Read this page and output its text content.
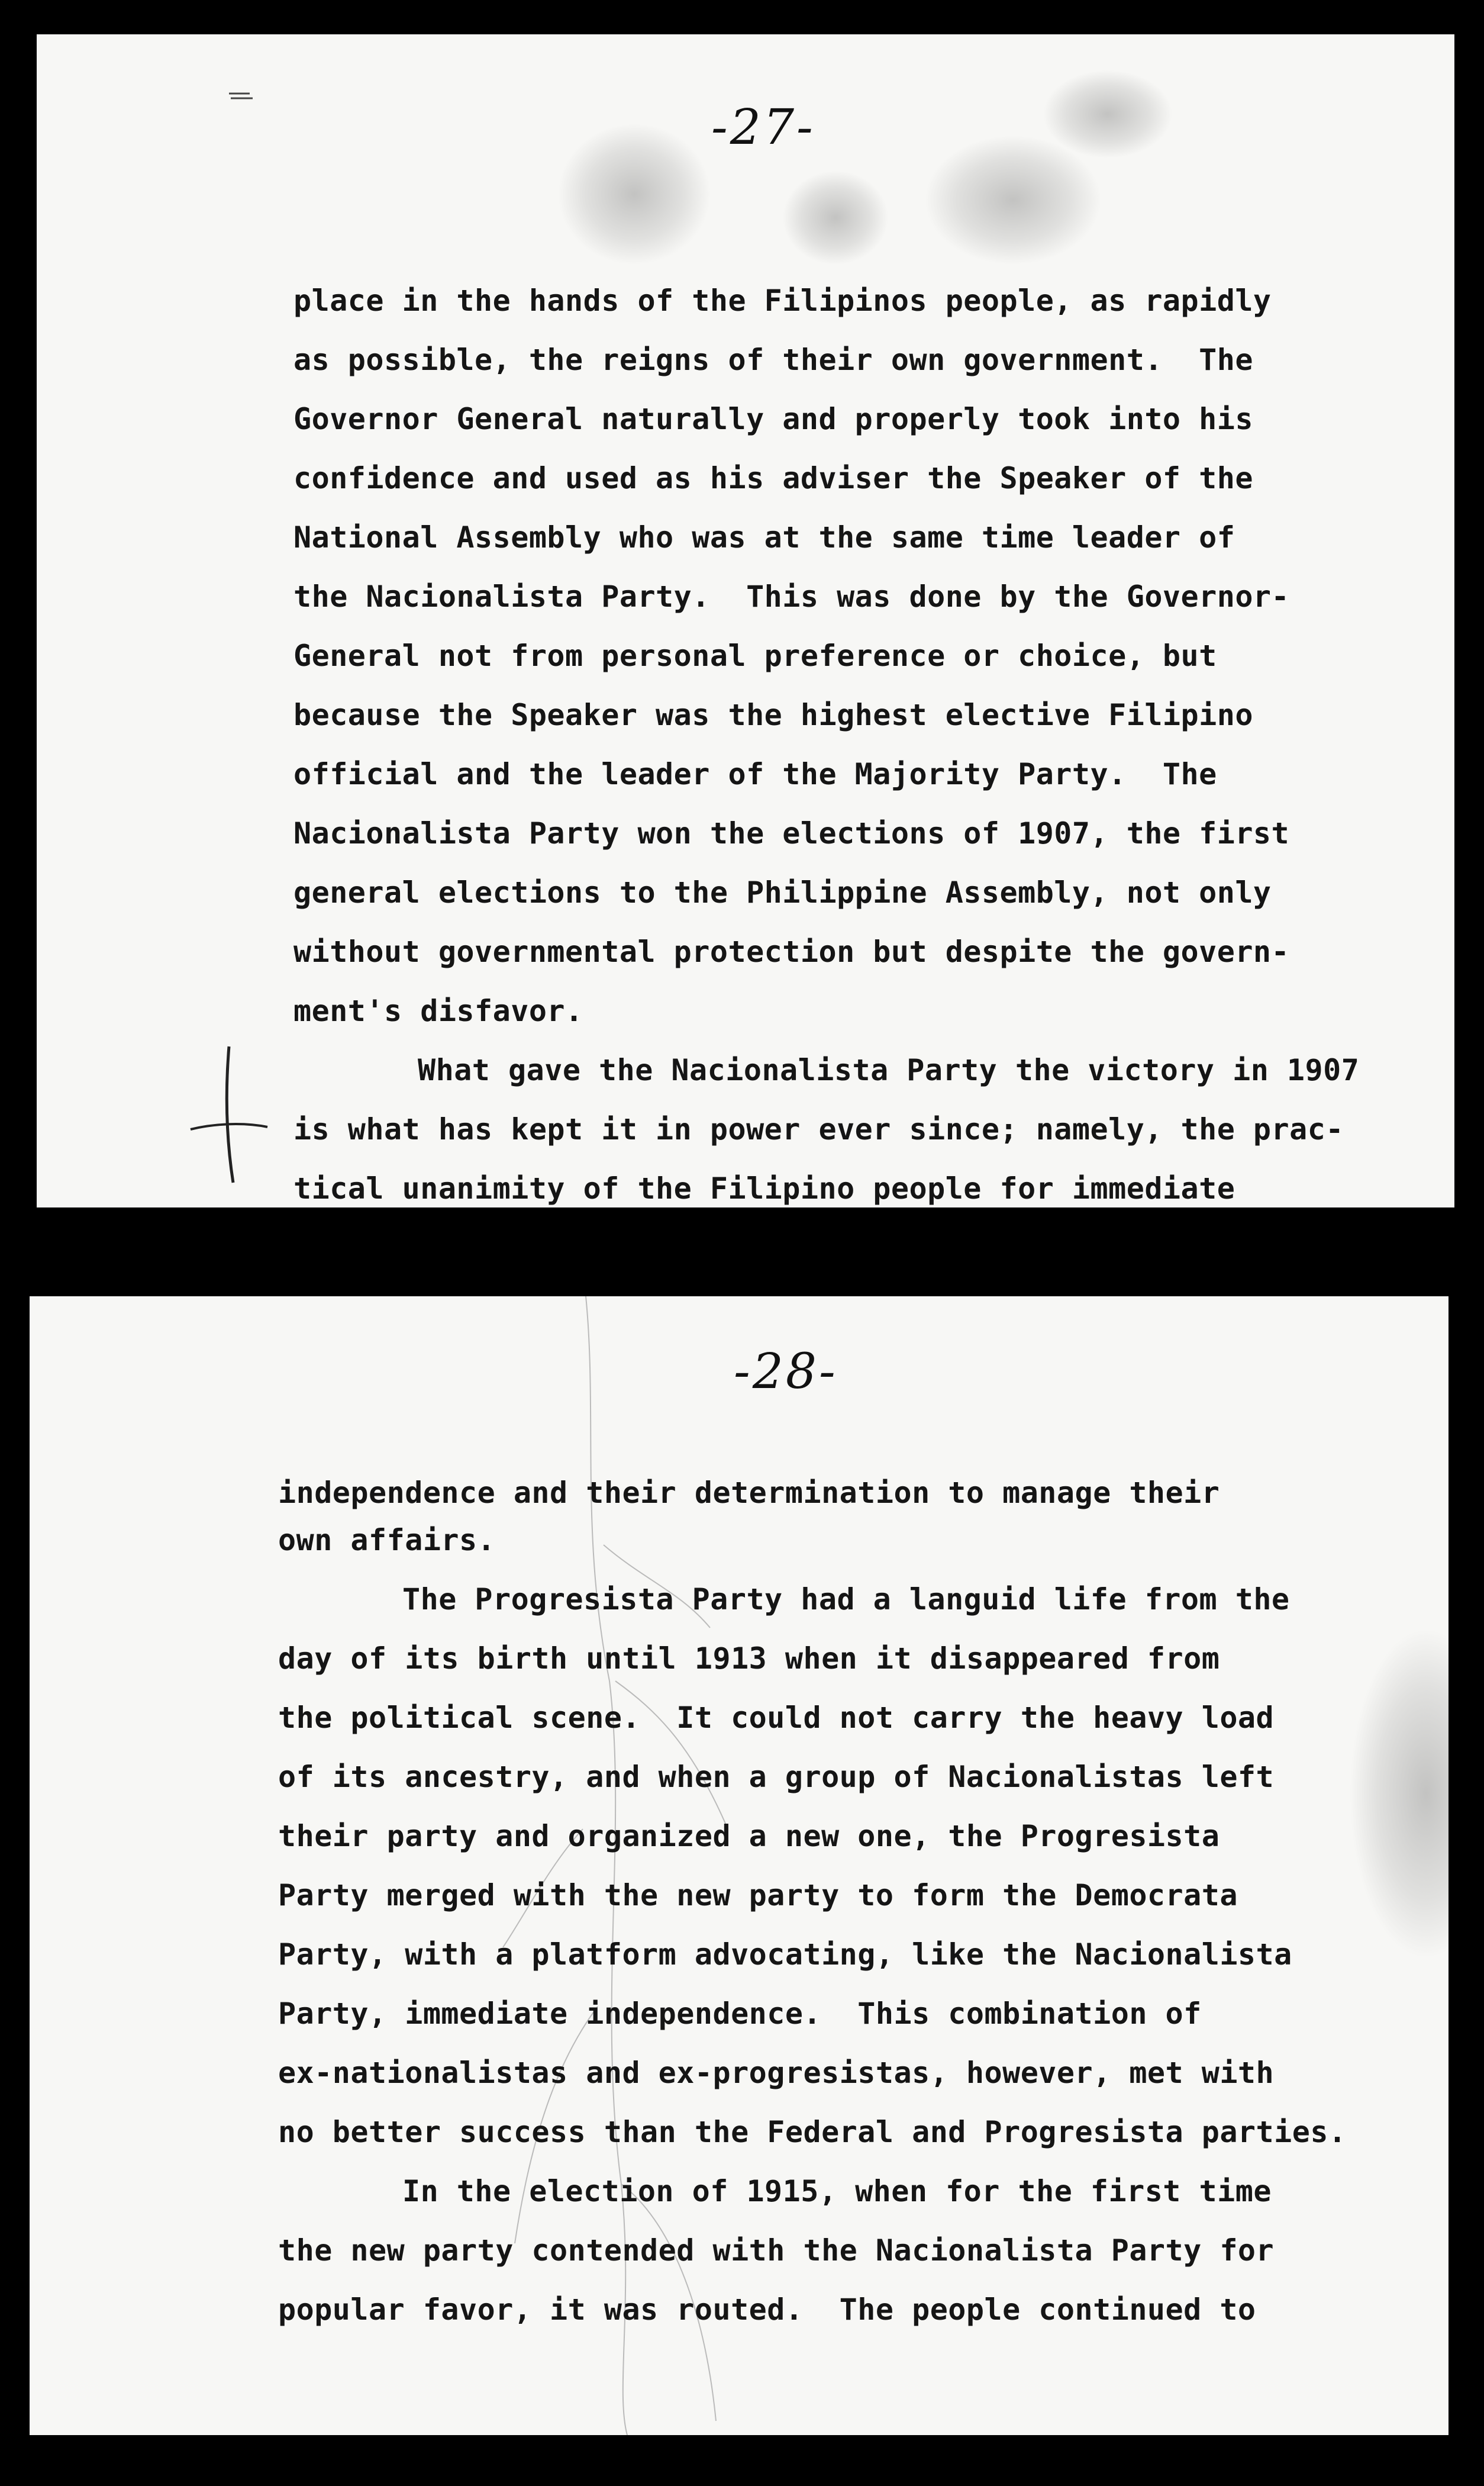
-27-
place in the hands of the Filipinos people, as rapidly
as possible, the reigns of their own government.  The
Governor General naturally and properly took into his
confidence and used as his adviser the Speaker of the
National Assembly who was at the same time leader of
the Nacionalista Party.  This was done by the Governor-
General not from personal preference or choice, but
because the Speaker was the highest elective Filipino
official and the leader of the Majority Party.  The
Nacionalista Party won the elections of 1907, the first
general elections to the Philippine Assembly, not only
without governmental protection but despite the govern-
ment's disfavor.
What gave the Nacionalista Party the victory in 1907
is what has kept it in power ever since; namely, the prac-
tical unanimity of the Filipino people for immediate
-28-
independence and their determination to manage their
own affairs.
The Progresista Party had a languid life from the
day of its birth until 1913 when it disappeared from
the political scene.  It could not carry the heavy load
of its ancestry, and when a group of Nacionalistas left
their party and organized a new one, the Progresista
Party merged with the new party to form the Democrata
Party, with a platform advocating, like the Nacionalista
Party, immediate independence.  This combination of
ex-nationalistas and ex-progresistas, however, met with
no better success than the Federal and Progresista parties.
In the election of 1915, when for the first time
the new party contended with the Nacionalista Party for
popular favor, it was routed.  The people continued to
